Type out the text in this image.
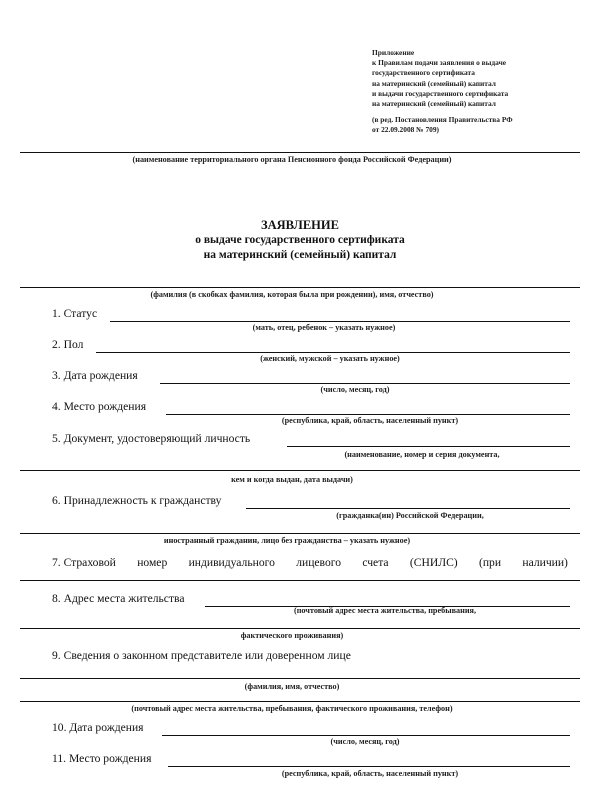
Приложение
к Правилам подачи заявления о выдаче
государственного сертификата
на материнский (семейный) капитал
и выдачи государственного сертификата
на материнский (семейный) капитал
(в ред. Постановления Правительства РФ
от 22.09.2008 № 709)
(наименование территориального органа Пенсионного фонда Российской Федерации)
ЗАЯВЛЕНИЕ
о выдаче государственного сертификата
на материнский (семейный) капитал
(фамилия (в скобках фамилия, которая была при рождении), имя, отчество)
1. Статус
(мать, отец, ребенок – указать нужное)
2. Пол
(женский, мужской – указать нужное)
3. Дата рождения
(число, месяц, год)
4. Место рождения
(республика, край, область, населенный пункт)
5. Документ, удостоверяющий личность
(наименование, номер и серия документа,
кем и когда выдан, дата выдачи)
6. Принадлежность к гражданству
(гражданка(ин) Российской Федерации,
иностранный гражданин, лицо без гражданства – указать нужное)
7. Страховой номер индивидуального лицевого счета (СНИЛС) (при наличии)
8. Адрес места жительства
(почтовый адрес места жительства, пребывания,
фактического проживания)
9. Сведения о законном представителе или доверенном лице
(фамилия, имя, отчество)
(почтовый адрес места жительства, пребывания, фактического проживания, телефон)
10. Дата рождения
(число, месяц, год)
11. Место рождения
(республика, край, область, населенный пункт)
